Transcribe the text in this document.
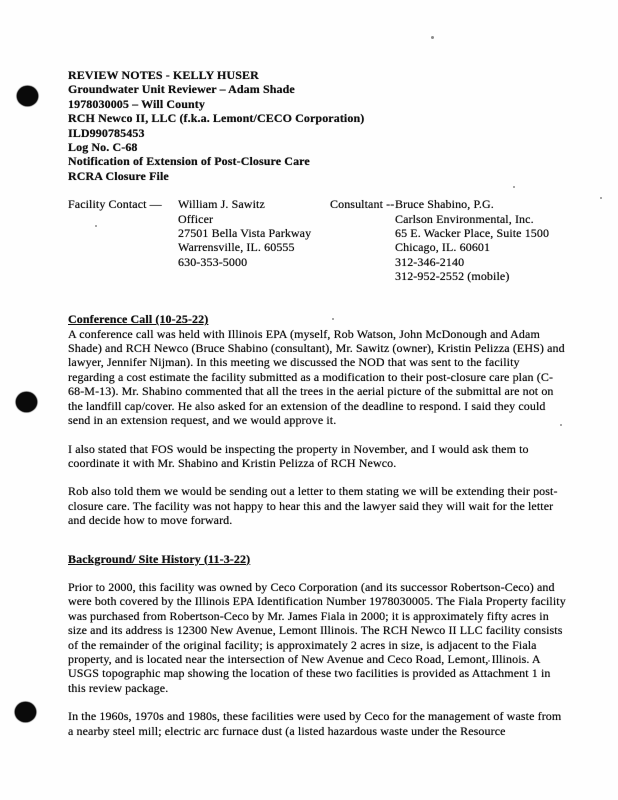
REVIEW NOTES - KELLY HUSER
Groundwater Unit Reviewer – Adam Shade
1978030005 – Will County
RCH Newco II, LLC (f.k.a. Lemont/CECO Corporation)
ILD990785453
Log No. C-68
Notification of Extension of Post-Closure Care
RCRA Closure File
Facility Contact — William J. Sawitz
Officer
27501 Bella Vista Parkway
Warrensville, IL. 60555
630-353-5000
Consultant -- Bruce Shabino, P.G.
Carlson Environmental, Inc.
65 E. Wacker Place, Suite 1500
Chicago, IL. 60601
312-346-2140
312-952-2552 (mobile)
Conference Call (10-25-22)
A conference call was held with Illinois EPA (myself, Rob Watson, John McDonough and Adam Shade) and RCH Newco (Bruce Shabino (consultant), Mr. Sawitz (owner), Kristin Pelizza (EHS) and lawyer, Jennifer Nijman). In this meeting we discussed the NOD that was sent to the facility regarding a cost estimate the facility submitted as a modification to their post-closure care plan (C-68-M-13). Mr. Shabino commented that all the trees in the aerial picture of the submittal are not on the landfill cap/cover. He also asked for an extension of the deadline to respond. I said they could send in an extension request, and we would approve it.
I also stated that FOS would be inspecting the property in November, and I would ask them to coordinate it with Mr. Shabino and Kristin Pelizza of RCH Newco.
Rob also told them we would be sending out a letter to them stating we will be extending their post-closure care. The facility was not happy to hear this and the lawyer said they will wait for the letter and decide how to move forward.
Background/ Site History (11-3-22)
Prior to 2000, this facility was owned by Ceco Corporation (and its successor Robertson-Ceco) and were both covered by the Illinois EPA Identification Number 1978030005. The Fiala Property facility was purchased from Robertson-Ceco by Mr. James Fiala in 2000; it is approximately fifty acres in size and its address is 12300 New Avenue, Lemont Illinois. The RCH Newco II LLC facility consists of the remainder of the original facility; is approximately 2 acres in size, is adjacent to the Fiala property, and is located near the intersection of New Avenue and Ceco Road, Lemont, Illinois. A USGS topographic map showing the location of these two facilities is provided as Attachment 1 in this review package.
In the 1960s, 1970s and 1980s, these facilities were used by Ceco for the management of waste from a nearby steel mill; electric arc furnace dust (a listed hazardous waste under the Resource
